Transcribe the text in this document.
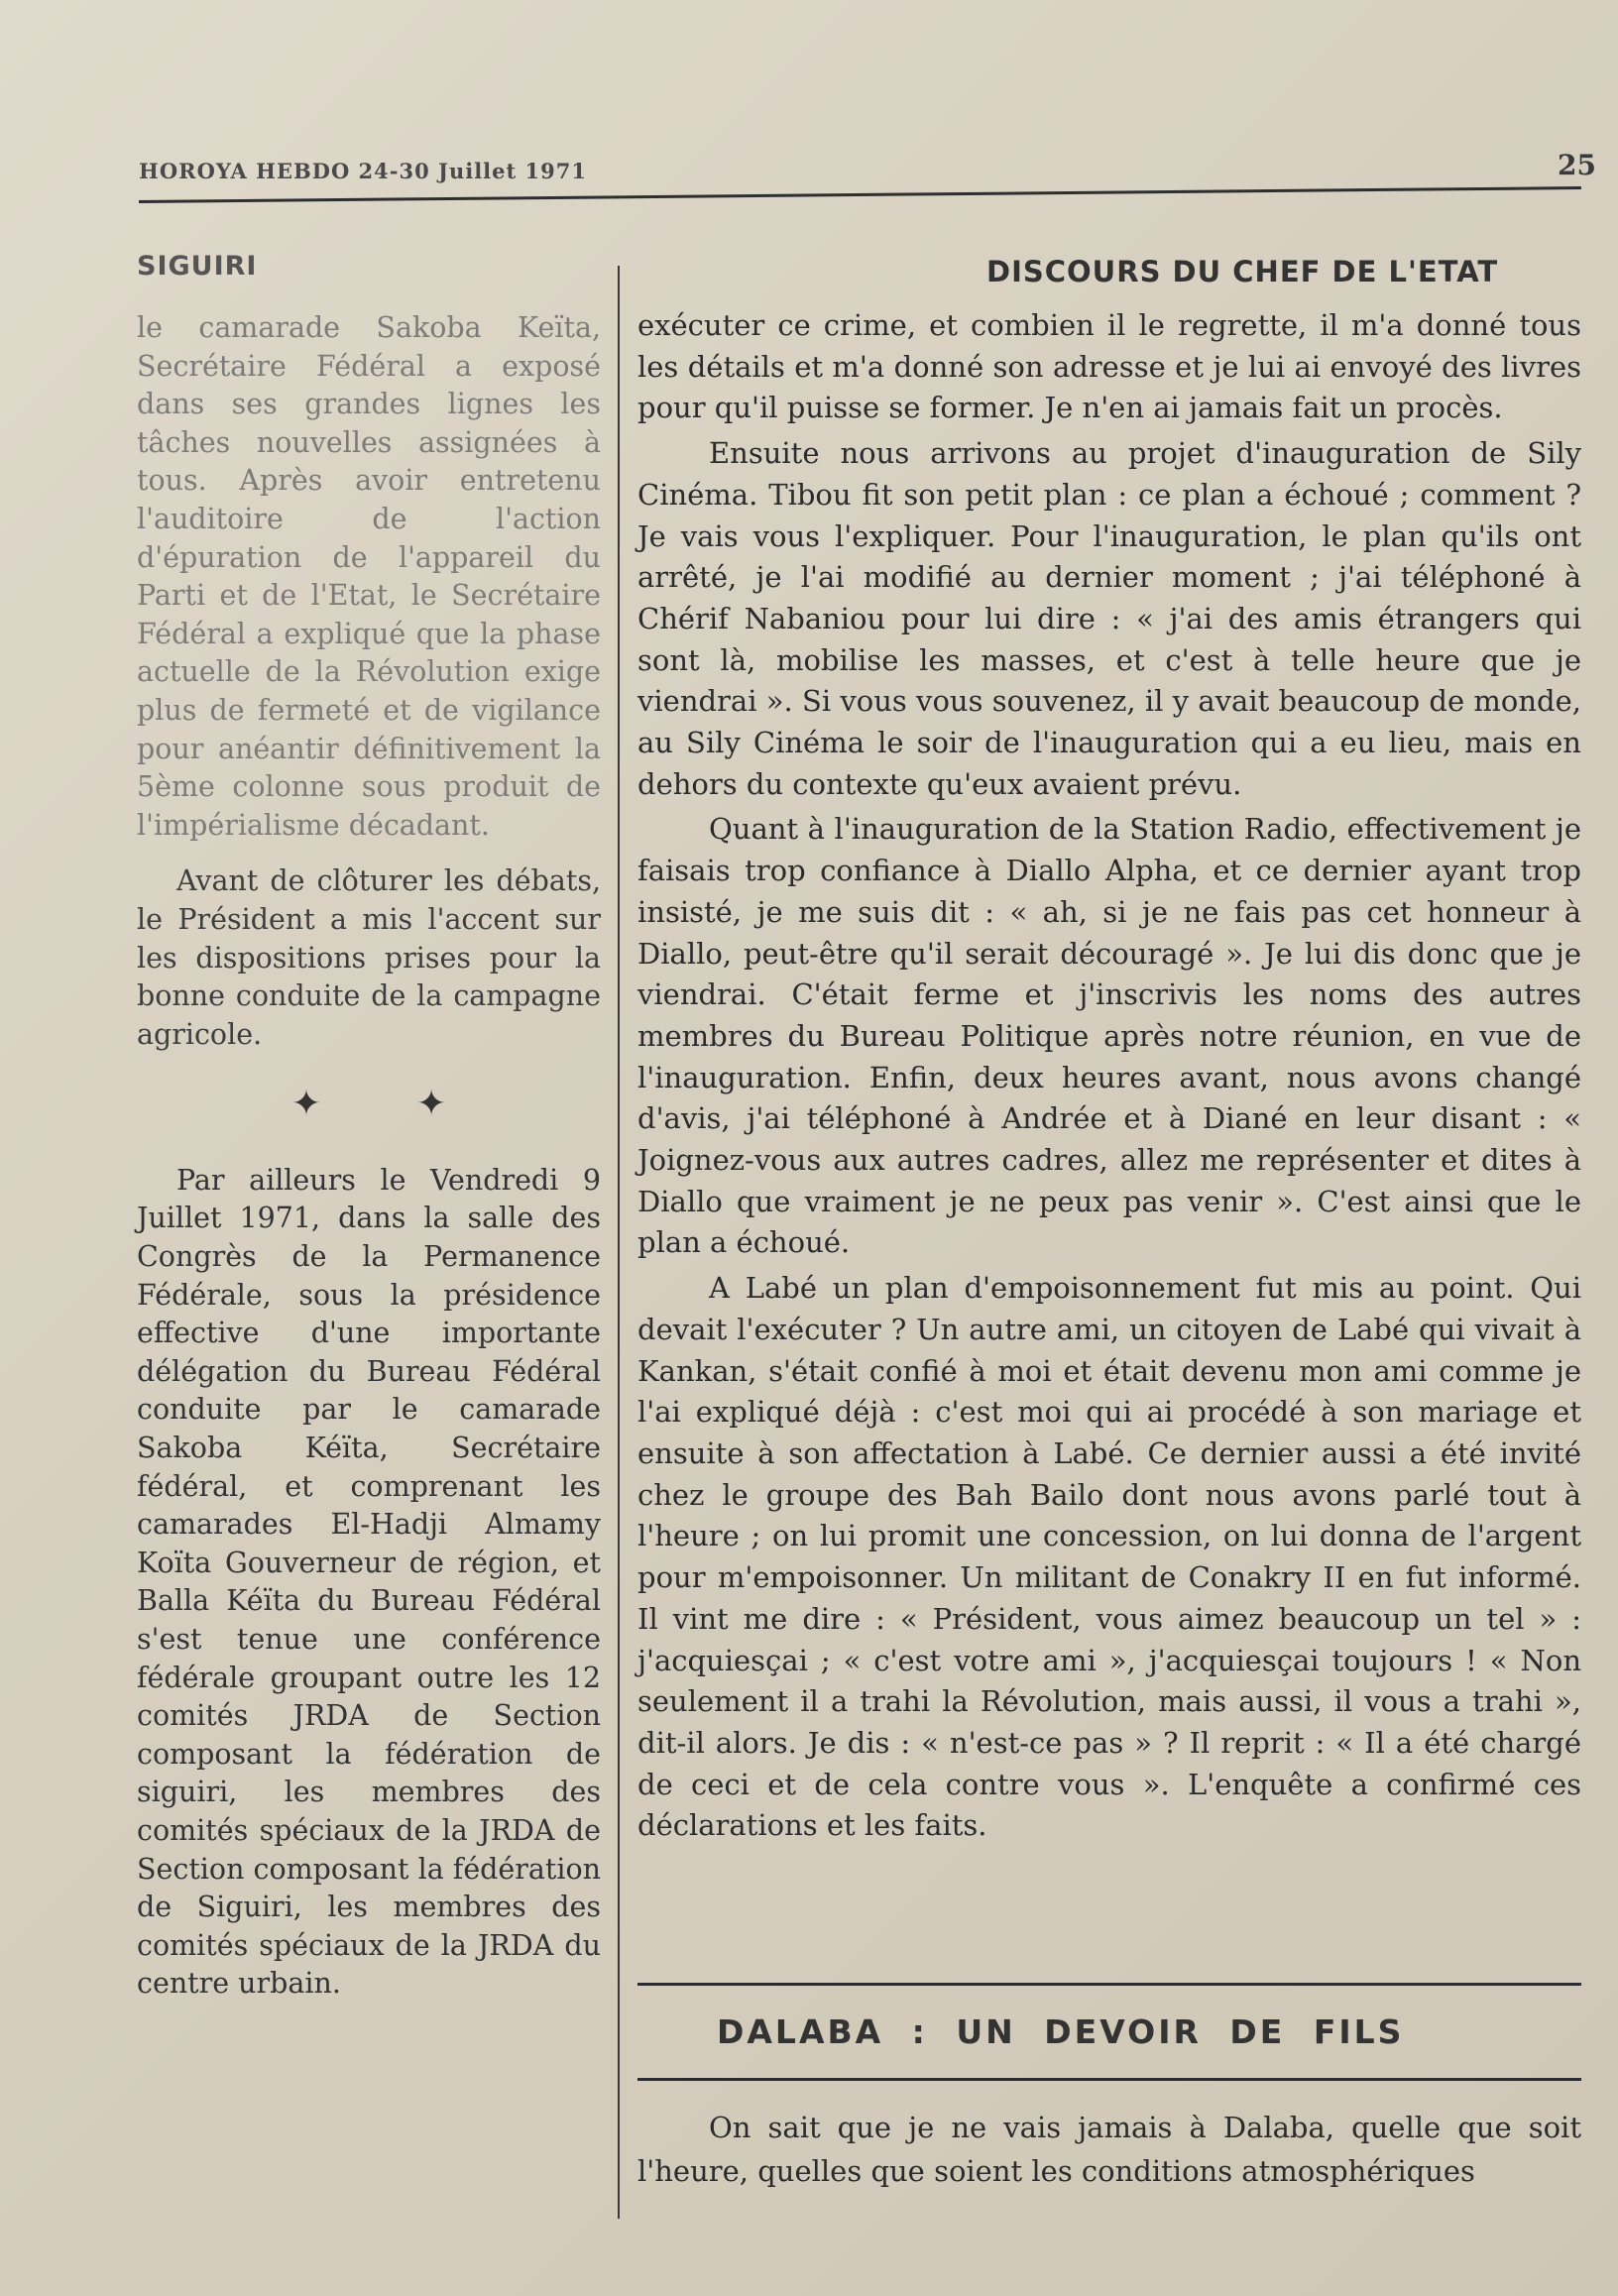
HOROYA HEBDO 24-30 Juillet 1971	25
SIGUIRI	DISCOURS DU CHEF DE L'ETAT

le camarade Sakoba Keïta, Secrétaire Fédéral a exposé dans ses grandes lignes les tâches nouvelles assignées à tous. Après avoir entretenu l'auditoire de l'action d'épuration de l'appareil du Parti et de l'Etat, le Secrétaire Fédéral a expliqué que la phase actuelle de la Révolution exige plus de fermeté et de vigilance pour anéantir définitivement la 5ème colonne sous produit de l'impérialisme décadant.

Avant de clôturer les débats, le Président a mis l'accent sur les dispositions prises pour la bonne conduite de la campagne agricole.

✦	✦

Par ailleurs le Vendredi 9 Juillet 1971, dans la salle des Congrès de la Permanence Fédérale, sous la présidence effective d'une importante délégation du Bureau Fédéral conduite par le camarade Sakoba Kéïta, Secrétaire fédéral, et comprenant les camarades El-Hadji Almamy Koïta Gouverneur de région, et Balla Kéïta du Bureau Fédéral s'est tenue une conférence fédérale groupant outre les 12 comités JRDA de Section composant la fédération de siguiri, les membres des comités spéciaux de la JRDA de Section composant la fédération de Siguiri, les membres des comités spéciaux de la JRDA du centre urbain.

exécuter ce crime, et combien il le regrette, il m'a donné tous les détails et m'a donné son adresse et je lui ai envoyé des livres pour qu'il puisse se former. Je n'en ai jamais fait un procès.

Ensuite nous arrivons au projet d'inauguration de Sily Cinéma. Tibou fit son petit plan : ce plan a échoué ; comment ? Je vais vous l'expliquer. Pour l'inauguration, le plan qu'ils ont arrêté, je l'ai modifié au dernier moment ; j'ai téléphoné à Chérif Nabaniou pour lui dire : « j'ai des amis étrangers qui sont là, mobilise les masses, et c'est à telle heure que je viendrai ». Si vous vous souvenez, il y avait beaucoup de monde, au Sily Cinéma le soir de l'inauguration qui a eu lieu, mais en dehors du contexte qu'eux avaient prévu.

Quant à l'inauguration de la Station Radio, effectivement je faisais trop confiance à Diallo Alpha, et ce dernier ayant trop insisté, je me suis dit : « ah, si je ne fais pas cet honneur à Diallo, peut-être qu'il serait découragé ». Je lui dis donc que je viendrai. C'était ferme et j'inscrivis les noms des autres membres du Bureau Politique après notre réunion, en vue de l'inauguration. Enfin, deux heures avant, nous avons changé d'avis, j'ai téléphoné à Andrée et à Diané en leur disant : « Joignez-vous aux autres cadres, allez me représenter et dites à Diallo que vraiment je ne peux pas venir ». C'est ainsi que le plan a échoué.

A Labé un plan d'empoisonnement fut mis au point. Qui devait l'exécuter ? Un autre ami, un citoyen de Labé qui vivait à Kankan, s'était confié à moi et était devenu mon ami comme je l'ai expliqué déjà : c'est moi qui ai procédé à son mariage et ensuite à son affectation à Labé. Ce dernier aussi a été invité chez le groupe des Bah Bailo dont nous avons parlé tout à l'heure ; on lui promit une concession, on lui donna de l'argent pour m'empoisonner. Un militant de Conakry II en fut informé. Il vint me dire : « Président, vous aimez beaucoup un tel » : j'acquiesçai ; « c'est votre ami », j'acquiesçai toujours ! « Non seulement il a trahi la Révolution, mais aussi, il vous a trahi », dit-il alors. Je dis : « n'est-ce pas » ? Il reprit : « Il a été chargé de ceci et de cela contre vous ». L'enquête a confirmé ces déclarations et les faits.

DALABA : UN DEVOIR DE FILS

On sait que je ne vais jamais à Dalaba, quelle que soit l'heure, quelles que soient les conditions atmosphériques
